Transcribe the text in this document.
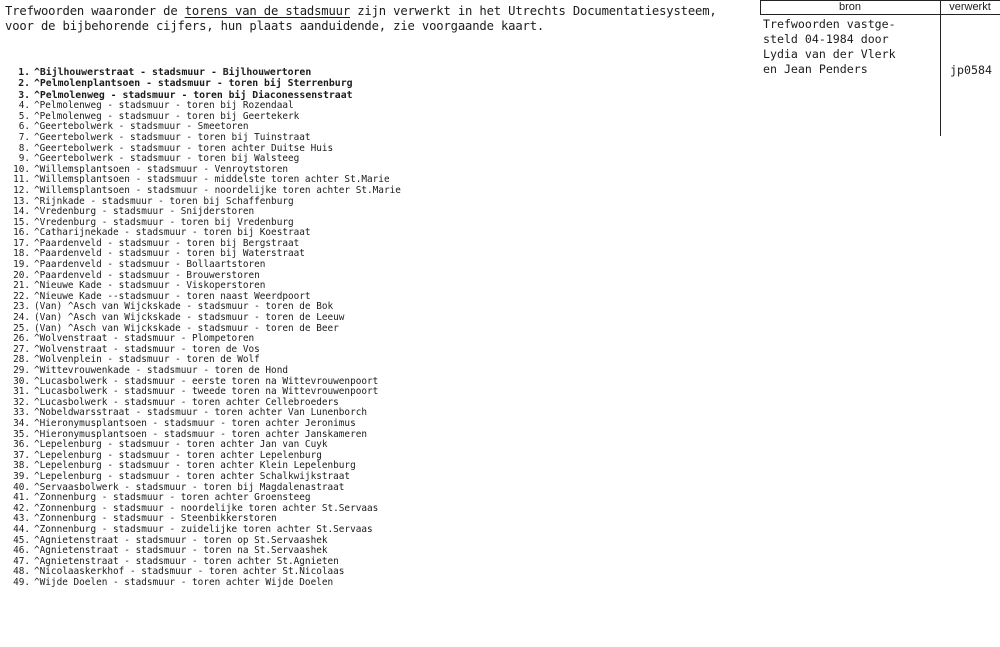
Trefwoorden waaronder de torens van de stadsmuur zijn verwerkt in het Utrechts Documentatiesysteem,
voor de bijbehorende cijfers, hun plaats aanduidende, zie voorgaande kaart.
bron	verwerkt
Trefwoorden vastge-
steld 04-1984 door
Lydia van der Vlerk
en Jean Penders	jp0584
1. ^Bijlhouwerstraat - stadsmuur - Bijlhouwertoren
2. ^Pelmolenplantsoen - stadsmuur - toren bij Sterrenburg
3. ^Pelmolenweg - stadsmuur - toren bij Diaconessenstraat
4. ^Pelmolenweg - stadsmuur - toren bij Rozendaal
5. ^Pelmolenweg - stadsmuur - toren bij Geertekerk
6. ^Geertebolwerk - stadsmuur - Smeetoren
7. ^Geertebolwerk - stadsmuur - toren bij Tuinstraat
8. ^Geertebolwerk - stadsmuur - toren achter Duitse Huis
9. ^Geertebolwerk - stadsmuur - toren bij Walsteeg
10. ^Willemsplantsoen - stadsmuur - Venroytstoren
11. ^Willemsplantsoen - stadsmuur - middelste toren achter St.Marie
12. ^Willemsplantsoen - stadsmuur - noordelijke toren achter St.Marie
13. ^Rijnkade - stadsmuur - toren bij Schaffenburg
14. ^Vredenburg - stadsmuur - Snijderstoren
15. ^Vredenburg - stadsmuur - toren bij Vredenburg
16. ^Catharijnekade - stadsmuur - toren bij Koestraat
17. ^Paardenveld - stadsmuur - toren bij Bergstraat
18. ^Paardenveld - stadsmuur - toren bij Waterstraat
19. ^Paardenveld - stadsmuur - Bollaartstoren
20. ^Paardenveld - stadsmuur - Brouwerstoren
21. ^Nieuwe Kade - stadsmuur - Viskoperstoren
22. ^Nieuwe Kade --stadsmuur - toren naast Weerdpoort
23. (Van) ^Asch van Wijckskade - stadsmuur - toren de Bok
24. (Van) ^Asch van Wijckskade - stadsmuur - toren de Leeuw
25. (Van) ^Asch van Wijckskade - stadsmuur - toren de Beer
26. ^Wolvenstraat - stadsmuur - Plompetoren
27. ^Wolvenstraat - stadsmuur - toren de Vos
28. ^Wolvenplein - stadsmuur - toren de Wolf
29. ^Wittevrouwenkade - stadsmuur - toren de Hond
30. ^Lucasbolwerk - stadsmuur - eerste toren na Wittevrouwenpoort
31. ^Lucasbolwerk - stadsmuur - tweede toren na Wittevrouwenpoort
32. ^Lucasbolwerk - stadsmuur - toren achter Cellebroeders
33. ^Nobeldwarsstraat - stadsmuur - toren achter Van Lunenborch
34. ^Hieronymusplantsoen - stadsmuur - toren achter Jeronimus
35. ^Hieronymusplantsoen - stadsmuur - toren achter Janskameren
36. ^Lepelenburg - stadsmuur - toren achter Jan van Cuyk
37. ^Lepelenburg - stadsmuur - toren achter Lepelenburg
38. ^Lepelenburg - stadsmuur - toren achter Klein Lepelenburg
39. ^Lepelenburg - stadsmuur - toren achter Schalkwijkstraat
40. ^Servaasbolwerk - stadsmuur - toren bij Magdalenastraat
41. ^Zonnenburg - stadsmuur - toren achter Groensteeg
42. ^Zonnenburg - stadsmuur - noordelijke toren achter St.Servaas
43. ^Zonnenburg - stadsmuur - Steenbikkerstoren
44. ^Zonnenburg - stadsmuur - zuidelijke toren achter St.Servaas
45. ^Agnietenstraat - stadsmuur - toren op St.Servaashek
46. ^Agnietenstraat - stadsmuur - toren na St.Servaashek
47. ^Agnietenstraat - stadsmuur - toren achter St.Agnieten
48. ^Nicolaaskerkhof - stadsmuur - toren achter St.Nicolaas
49. ^Wijde Doelen - stadsmuur - toren achter Wijde Doelen
